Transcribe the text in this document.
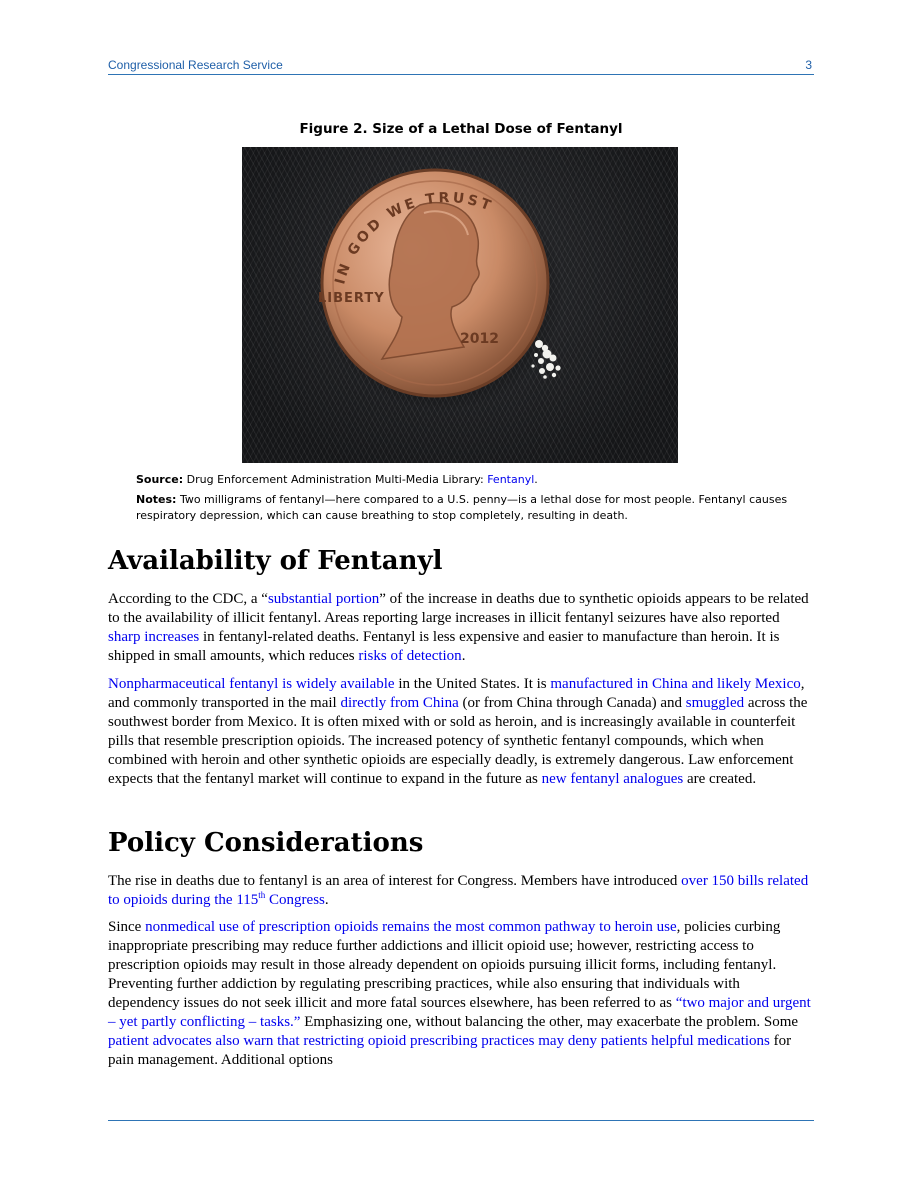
Congressional Research Service	3
Figure 2. Size of a Lethal Dose of Fentanyl
IN GOD WE TRUST
LIBERTY
2012
Source: Drug Enforcement Administration Multi-Media Library: Fentanyl.
Notes: Two milligrams of fentanyl—here compared to a U.S. penny—is a lethal dose for most people. Fentanyl causes respiratory depression, which can cause breathing to stop completely, resulting in death.
Availability of Fentanyl

According to the CDC, a “substantial portion” of the increase in deaths due to synthetic opioids appears to be related to the availability of illicit fentanyl. Areas reporting large increases in illicit fentanyl seizures have also reported sharp increases in fentanyl-related deaths. Fentanyl is less expensive and easier to manufacture than heroin. It is shipped in small amounts, which reduces risks of detection.

Nonpharmaceutical fentanyl is widely available in the United States. It is manufactured in China and likely Mexico, and commonly transported in the mail directly from China (or from China through Canada) and smuggled across the southwest border from Mexico. It is often mixed with or sold as heroin, and is increasingly available in counterfeit pills that resemble prescription opioids. The increased potency of synthetic fentanyl compounds, which when combined with heroin and other synthetic opioids are especially deadly, is extremely dangerous. Law enforcement expects that the fentanyl market will continue to expand in the future as new fentanyl analogues are created.

Policy Considerations

The rise in deaths due to fentanyl is an area of interest for Congress. Members have introduced over 150 bills related to opioids during the 115th Congress.

Since nonmedical use of prescription opioids remains the most common pathway to heroin use, policies curbing inappropriate prescribing may reduce further addictions and illicit opioid use; however, restricting access to prescription opioids may result in those already dependent on opioids pursuing illicit forms, including fentanyl. Preventing further addiction by regulating prescribing practices, while also ensuring that individuals with dependency issues do not seek illicit and more fatal sources elsewhere, has been referred to as “two major and urgent – yet partly conflicting – tasks.” Emphasizing one, without balancing the other, may exacerbate the problem. Some patient advocates also warn that restricting opioid prescribing practices may deny patients helpful medications for pain management. Additional options
